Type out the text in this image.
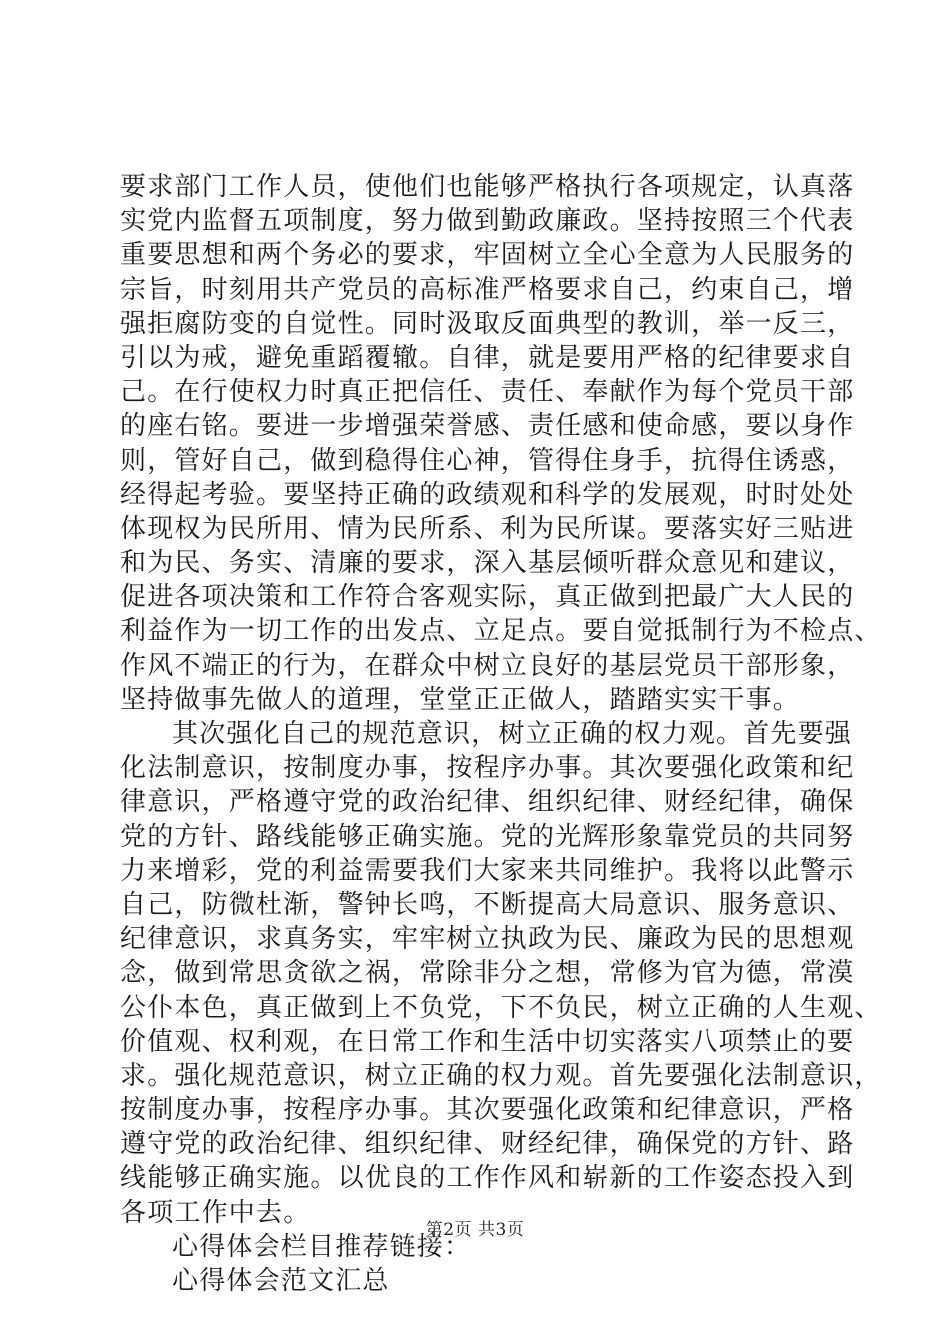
要求部门工作人员，使他们也能够严格执行各项规定，认真落
实党内监督五项制度，努力做到勤政廉政。坚持按照三个代表
重要思想和两个务必的要求，牢固树立全心全意为人民服务的
宗旨，时刻用共产党员的高标准严格要求自己，约束自己，增
强拒腐防变的自觉性。同时汲取反面典型的教训，举一反三，
引以为戒，避免重蹈覆辙。自律，就是要用严格的纪律要求自
己。在行使权力时真正把信任、责任、奉献作为每个党员干部
的座右铭。要进一步增强荣誉感、责任感和使命感，要以身作
则，管好自己，做到稳得住心神，管得住身手，抗得住诱惑，
经得起考验。要坚持正确的政绩观和科学的发展观，时时处处
体现权为民所用、情为民所系、利为民所谋。要落实好三贴进
和为民、务实、清廉的要求，深入基层倾听群众意见和建议，
促进各项决策和工作符合客观实际，真正做到把最广大人民的
利益作为一切工作的出发点、立足点。要自觉抵制行为不检点、
作风不端正的行为，在群众中树立良好的基层党员干部形象，
坚持做事先做人的道理，堂堂正正做人，踏踏实实干事。
其次强化自己的规范意识，树立正确的权力观。首先要强
化法制意识，按制度办事，按程序办事。其次要强化政策和纪
律意识，严格遵守党的政治纪律、组织纪律、财经纪律，确保
党的方针、路线能够正确实施。党的光辉形象靠党员的共同努
力来增彩，党的利益需要我们大家来共同维护。我将以此警示
自己，防微杜渐，警钟长鸣，不断提高大局意识、服务意识、
纪律意识，求真务实，牢牢树立执政为民、廉政为民的思想观
念，做到常思贪欲之祸，常除非分之想，常修为官为德，常漠
公仆本色，真正做到上不负党，下不负民，树立正确的人生观、
价值观、权利观，在日常工作和生活中切实落实八项禁止的要
求。强化规范意识，树立正确的权力观。首先要强化法制意识，
按制度办事，按程序办事。其次要强化政策和纪律意识，严格
遵守党的政治纪律、组织纪律、财经纪律，确保党的方针、路
线能够正确实施。以优良的工作作风和崭新的工作姿态投入到
各项工作中去。
心得体会栏目推荐链接：
心得体会范文汇总
第2页 共3页
